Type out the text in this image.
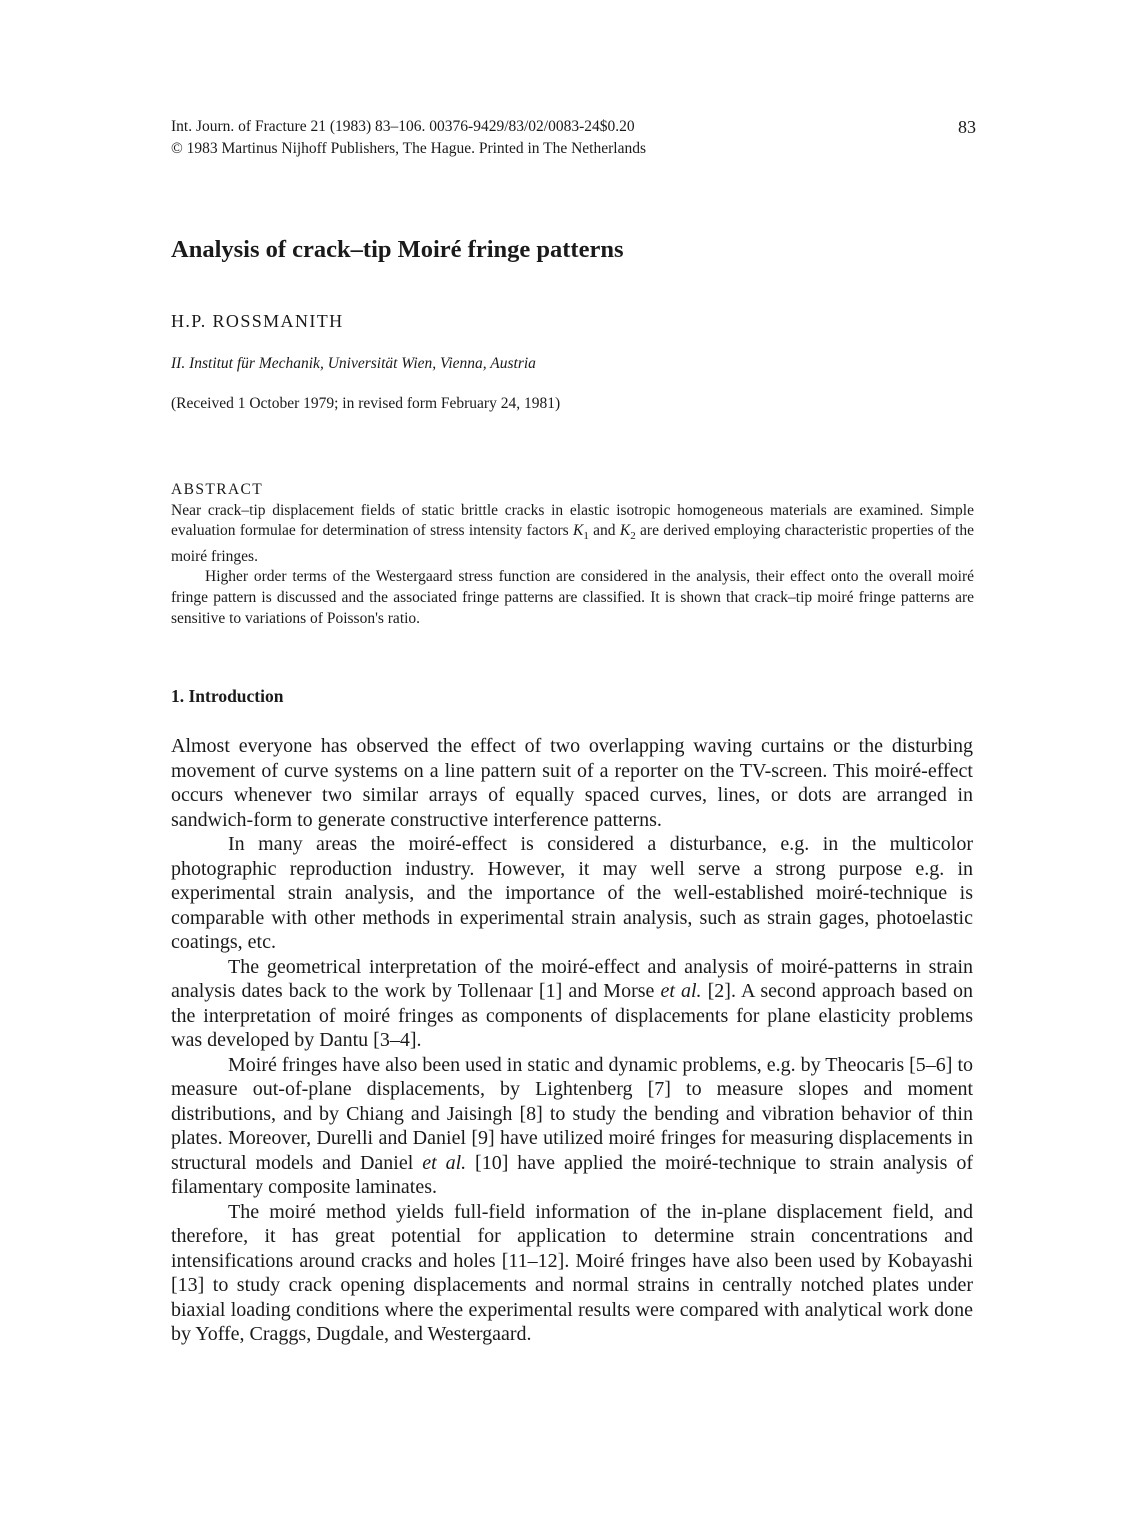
Int. Journ. of Fracture 21 (1983) 83–106. 00376-9429/83/02/0083-24$0.20
© 1983 Martinus Nijhoff Publishers, The Hague. Printed in The Netherlands
83
Analysis of crack–tip Moiré fringe patterns

H.P. ROSSMANITH

II. Institut für Mechanik, Universität Wien, Vienna, Austria

(Received 1 October 1979; in revised form February 24, 1981)

ABSTRACT

Near crack–tip displacement fields of static brittle cracks in elastic isotropic homogeneous materials are examined. Simple evaluation formulae for determination of stress intensity factors $K_1$ and $K_2$ are derived employing characteristic properties of the moiré fringes.

Higher order terms of the Westergaard stress function are considered in the analysis, their effect onto the overall moiré fringe pattern is discussed and the associated fringe patterns are classified. It is shown that crack–tip moiré fringe patterns are sensitive to variations of Poisson's ratio.

1. Introduction

Almost everyone has observed the effect of two overlapping waving curtains or the disturbing movement of curve systems on a line pattern suit of a reporter on the TV-screen. This moiré-effect occurs whenever two similar arrays of equally spaced curves, lines, or dots are arranged in sandwich-form to generate constructive interference patterns.

In many areas the moiré-effect is considered a disturbance, e.g. in the multicolor photographic reproduction industry. However, it may well serve a strong purpose e.g. in experimental strain analysis, and the importance of the well-established moiré-technique is comparable with other methods in experimental strain analysis, such as strain gages, photoelastic coatings, etc.

The geometrical interpretation of the moiré-effect and analysis of moiré-patterns in strain analysis dates back to the work by Tollenaar [1] and Morse et al. [2]. A second approach based on the interpretation of moiré fringes as components of displacements for plane elasticity problems was developed by Dantu [3–4].

Moiré fringes have also been used in static and dynamic problems, e.g. by Theocaris [5–6] to measure out-of-plane displacements, by Lightenberg [7] to measure slopes and moment distributions, and by Chiang and Jaisingh [8] to study the bending and vibration behavior of thin plates. Moreover, Durelli and Daniel [9] have utilized moiré fringes for measuring displacements in structural models and Daniel et al. [10] have applied the moiré-technique to strain analysis of filamentary composite laminates.

The moiré method yields full-field information of the in-plane displacement field, and therefore, it has great potential for application to determine strain concentrations and intensifications around cracks and holes [11–12]. Moiré fringes have also been used by Kobayashi [13] to study crack opening displacements and normal strains in centrally notched plates under biaxial loading conditions where the experimental results were compared with analytical work done by Yoffe, Craggs, Dugdale, and Westergaard.
